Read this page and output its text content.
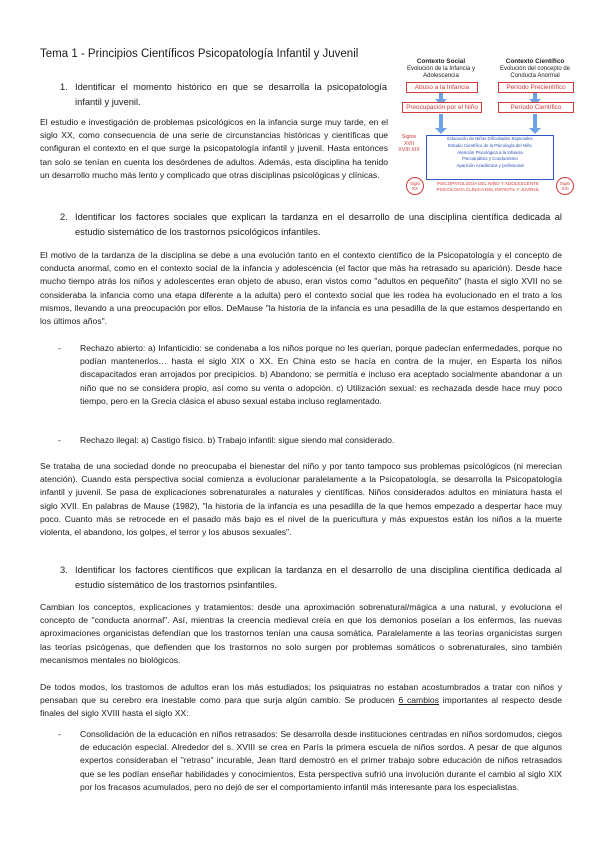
Tema 1 - Principios Científicos Psicopatología Infantil y Juvenil
1. Identificar el momento histórico en que se desarrolla la psicopatología infantil y juvenil.
El estudio e investigación de problemas psicológicos en la infancia surge muy tarde, en el siglo XX, como consecuencia de una serie de circunstancias históricas y científicas que configuran el contexto en el que surge la psicopatología infantil y juvenil. Hasta entonces tan solo se tenían en cuenta los desórdenes de adultos. Además, esta disciplina ha tenido un desarrollo mucho más lento y complicado que otras disciplinas psicológicas y clínicas.
Contexto Social
Evolución de la Infancia y Adolescencia
Contexto Científico
Evolución del concepto de Conducta Anormal
Abuso a la Infancia	Período Precientífico
Preocupación por el Niño	Período Científico
Siglos XVII XVIII XIX
Educación de Niños Dificultades Especiales
Estudio Científico de la Psicología del Niño
Atención Psicológica a la Infancia
Psicoanálisis y Conductismo
Aparición Académica y profesional
Siglo XX
PSICOPATOLOGÍA DEL NIÑO Y ADOLESCENTE
PSICOLOGÍA CLÍNICA DEL INFANTIL Y JUVENIL
Siglo XXI
2. Identificar los factores sociales que explican la tardanza en el desarrollo de una disciplina científica dedicada al estudio sistemático de los trastornos psicológicos infantiles.
El motivo de la tardanza de la disciplina se debe a una evolución tanto en el contexto científico de la Psicopatología y el concepto de conducta anormal, como en el contexto social de la infancia y adolescencia (el factor que más ha retrasado su aparición). Desde hace mucho tiempo atrás los niños y adolescentes eran objeto de abuso, eran vistos como "adultos en pequeñito" (hasta el siglo XVII no se consideraba la infancia como una etapa diferente a la adulta) pero el contexto social que les rodea ha evolucionado en el trato a los mismos, llevando a una preocupación por ellos. DeMause "la historia de la infancia es una pesadilla de la que estamos despertando en los últimos años".
- Rechazo abierto: a) Infanticidio: se condenaba a los niños porque no les querían, porque padecían enfermedades, porque no podían mantenerlos… hasta el siglo XIX o XX. En China esto se hacía en contra de la mujer, en Esparta los niños discapacitados eran arrojados por precipicios. b) Abandono: se permitía e incluso era aceptado socialmente abandonar a un niño que no se considera propio, así como su venta o adopción. c) Utilización sexual: es rechazada desde hace muy poco tiempo, pero en la Grecia clásica el abuso sexual estaba incluso reglamentado.
- Rechazo ilegal: a) Castigo físico. b) Trabajo infantil: sigue siendo mal considerado.
Se trataba de una sociedad donde no preocupaba el bienestar del niño y por tanto tampoco sus problemas psicológicos (ni merecían atención). Cuando esta perspectiva social comienza a evolucionar paralelamente a la Psicopatología, se desarrolla la Psicopatología infantil y juvenil. Se pasa de explicaciones sobrenaturales a naturales y científicas. Niños considerados adultos en miniatura hasta el siglo XVII. En palabras de Mause (1982), "la historia de la infancia es una pesadilla de la que hemos empezado a despertar hace muy poco. Cuanto más se retrocede en el pasado más bajo es el nivel de la puericultura y más expuestos están los niños a la muerte violenta, el abandono, los golpes, el terror y los abusos sexuales".
3. Identificar los factores científicos que explican la tardanza en el desarrollo de una disciplina científica dedicada al estudio sistemático de los trastornos psinfantiles.
Cambian los conceptos, explicaciones y tratamientos: desde una aproximación sobrenatural/mágica a una natural, y evoluciona el concepto de "conducta anormal". Así, mientras la creencia medieval creía en que los demonios poseían a los enfermos, las nuevas aproximaciones organicistas defendían que los trastornos tenían una causa somática. Paralelamente a las teorías organicistas surgen las teorías psicógenas, que defienden que los trastornos no solo surgen por problemas somáticos o sobrenaturales, sino también mecanismos mentales no biológicos.
De todos modos, los trastornos de adultos eran los más estudiados; los psiquiatras no estaban acostumbrados a tratar con niños y pensaban que su cerebro era inestable como para que surja algún cambio. Se producen 6 cambios importantes al respecto desde finales del siglo XVIII hasta el siglo XX:
- Consolidación de la educación en niños retrasados: Se desarrolla desde instituciones centradas en niños sordomudos, ciegos de educación especial. Alrededor del s. XVIII se crea en París la primera escuela de niños sordos. A pesar de que algunos expertos consideraban el "retraso" incurable, Jean Itard demostró en el primer trabajo sobre educación de niños retrasados que se les podían enseñar habilidades y conocimientos. Esta perspectiva sufrió una involución durante el cambio al siglo XIX por los fracasos acumulados, pero no dejó de ser el comportamiento infantil más interesante para los especialistas.
